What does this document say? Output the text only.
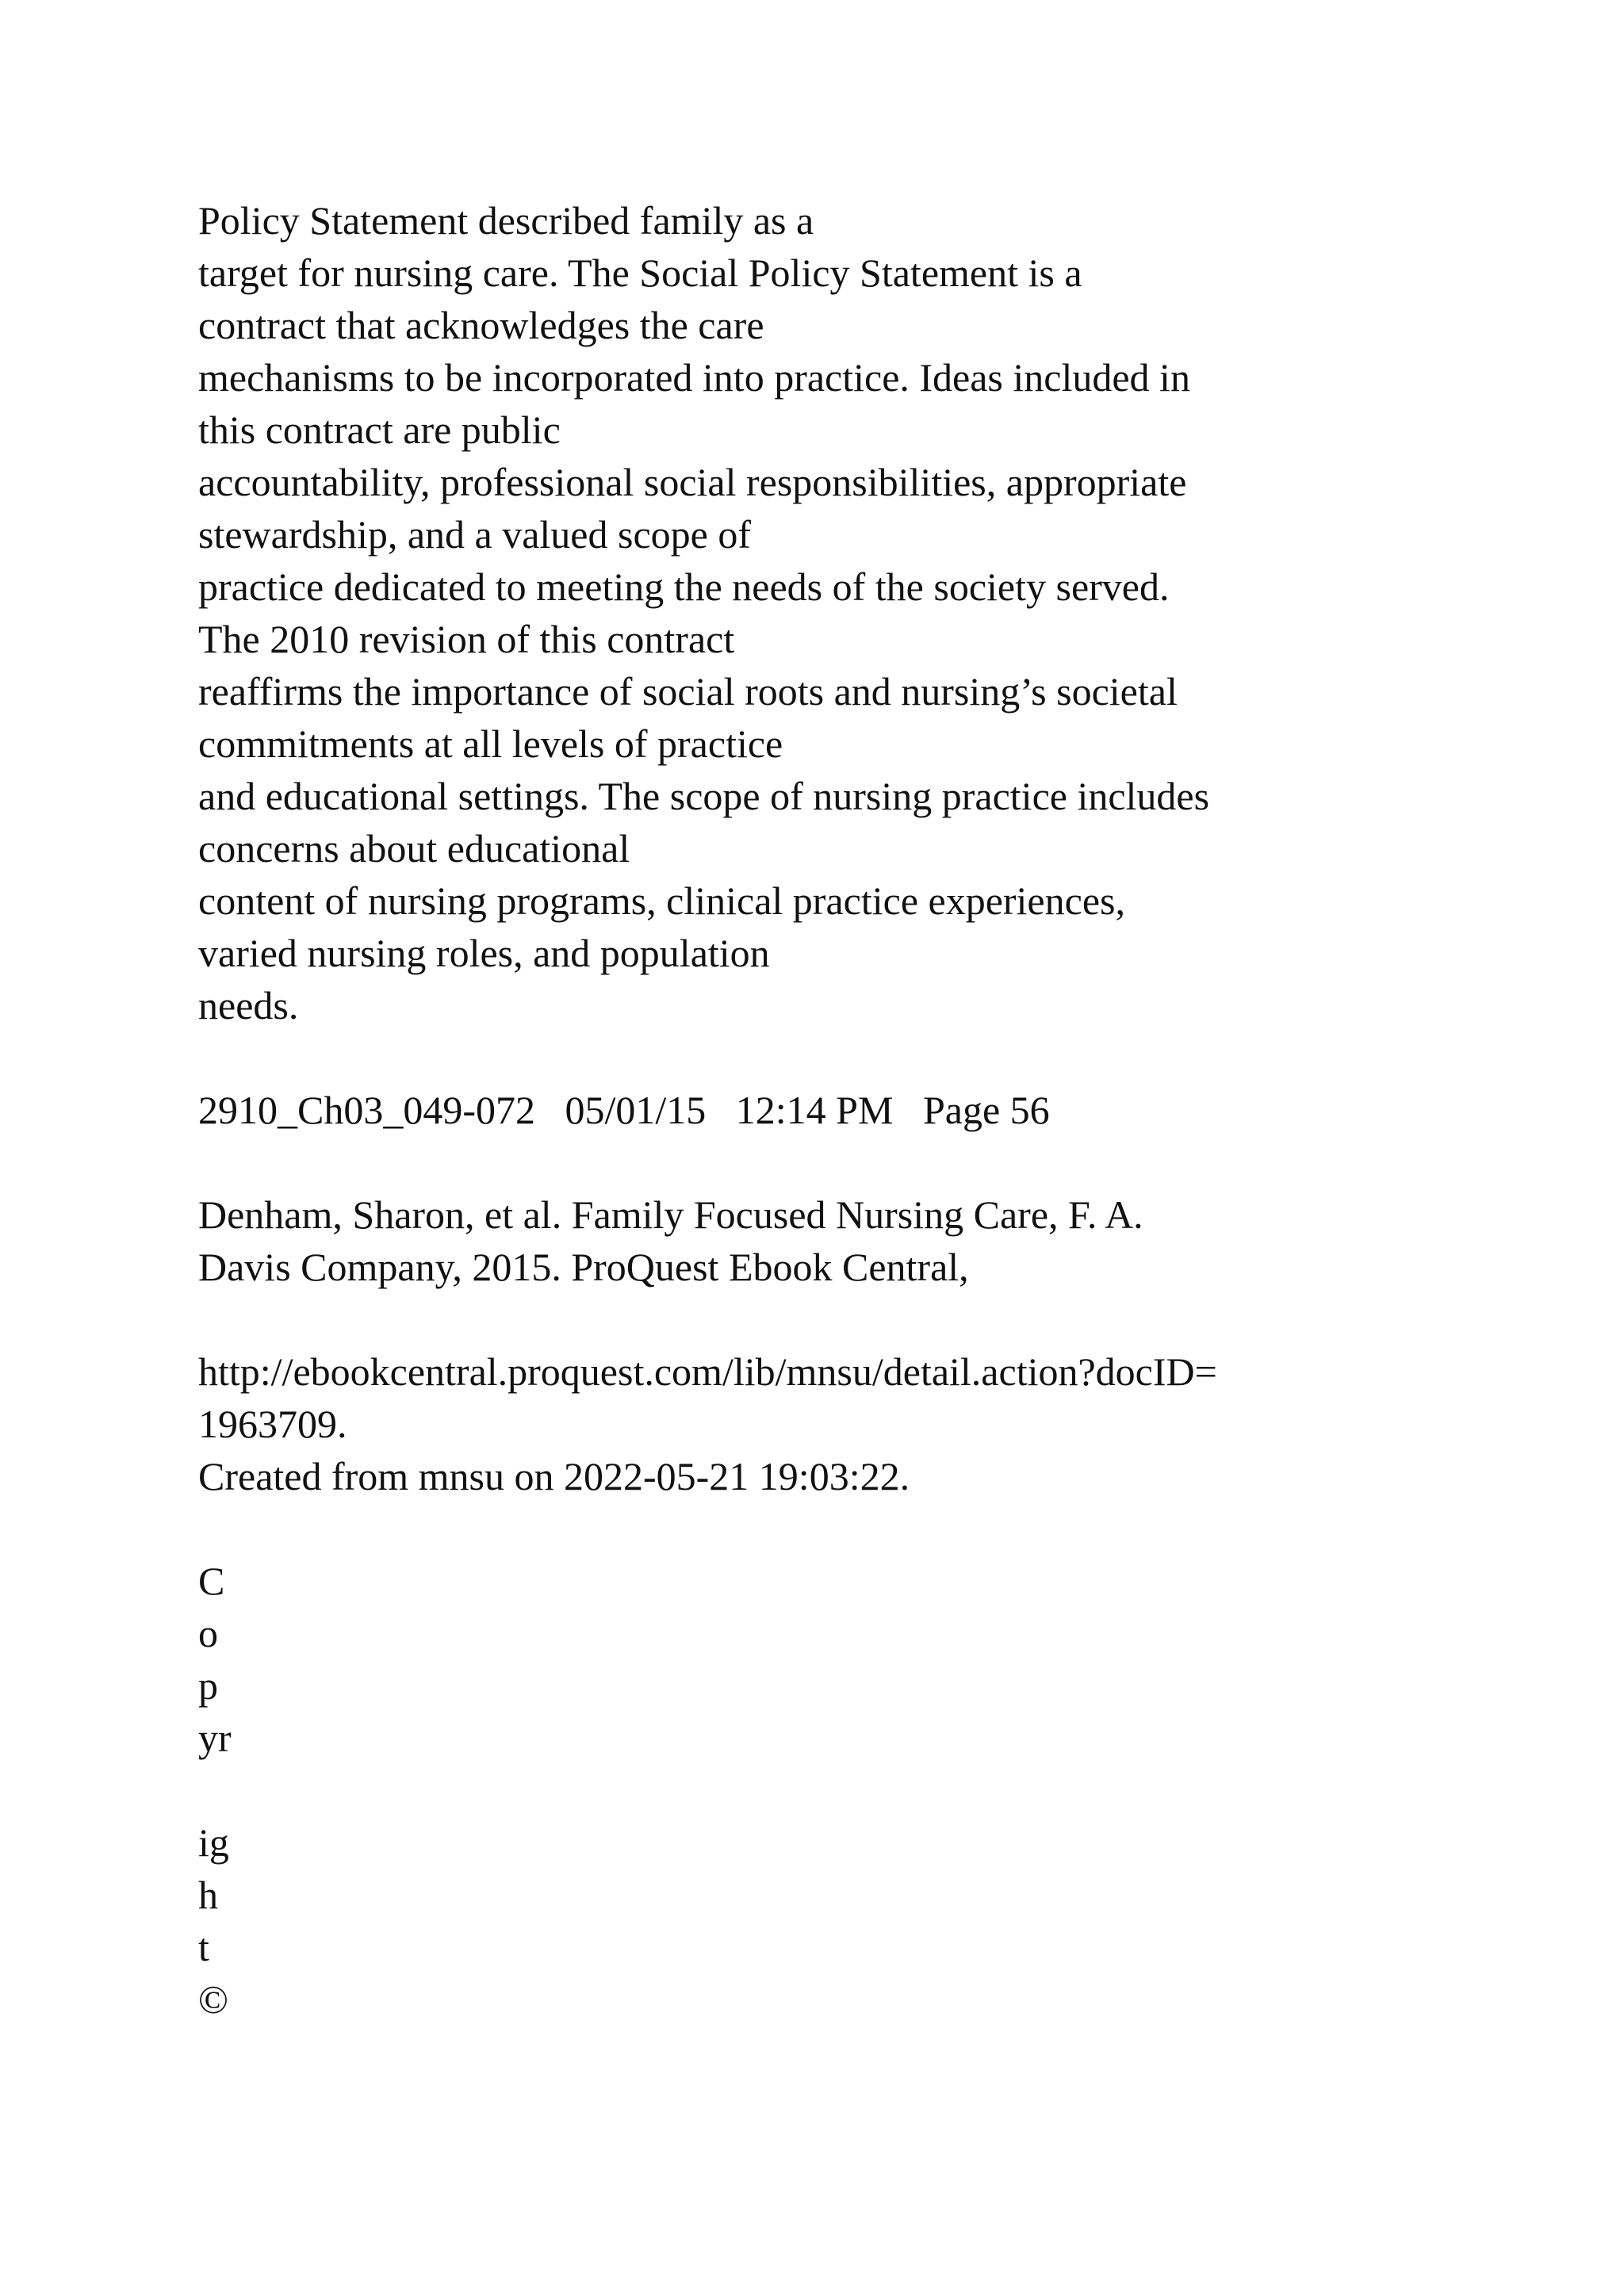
Policy Statement described family as a
target for nursing care. The Social Policy Statement is a
contract that acknowledges the care
mechanisms to be incorporated into practice. Ideas included in
this contract are public
accountability, professional social responsibilities, appropriate
stewardship, and a valued scope of
practice dedicated to meeting the needs of the society served.
The 2010 revision of this contract
reaffirms the importance of social roots and nursing’s societal
commitments at all levels of practice
and educational settings. The scope of nursing practice includes
concerns about educational
content of nursing programs, clinical practice experiences,
varied nursing roles, and population
needs.
2910_Ch03_049-072   05/01/15   12:14 PM   Page 56
Denham, Sharon, et al. Family Focused Nursing Care, F. A.
Davis Company, 2015. ProQuest Ebook Central,
http://ebookcentral.proquest.com/lib/mnsu/detail.action?docID=
1963709.
Created from mnsu on 2022-05-21 19:03:22.
C
o
p
yr
ig
h
t
©
